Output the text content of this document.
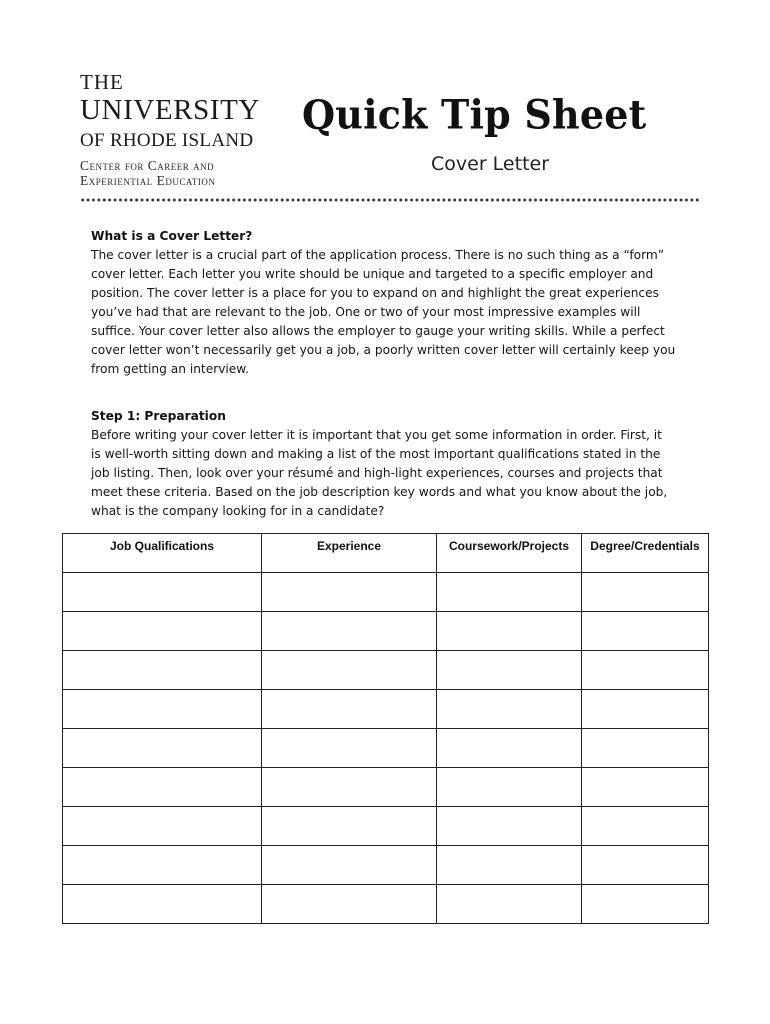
THE
UNIVERSITY
OF RHODE ISLAND
Center for Career and
Experiential Education
Quick Tip Sheet
Cover Letter
What is a Cover Letter?
The cover letter is a crucial part of the application process. There is no such thing as a “form”
cover letter. Each letter you write should be unique and targeted to a specific employer and
position. The cover letter is a place for you to expand on and highlight the great experiences
you’ve had that are relevant to the job. One or two of your most impressive examples will
suffice. Your cover letter also allows the employer to gauge your writing skills. While a perfect
cover letter won’t necessarily get you a job, a poorly written cover letter will certainly keep you
from getting an interview.
Step 1: Preparation
Before writing your cover letter it is important that you get some information in order. First, it
is well-worth sitting down and making a list of the most important qualifications stated in the
job listing. Then, look over your résumé and high-light experiences, courses and projects that
meet these criteria. Based on the job description key words and what you know about the job,
what is the company looking for in a candidate?
Job Qualifications	Experience	Coursework/Projects	Degree/Credentials
